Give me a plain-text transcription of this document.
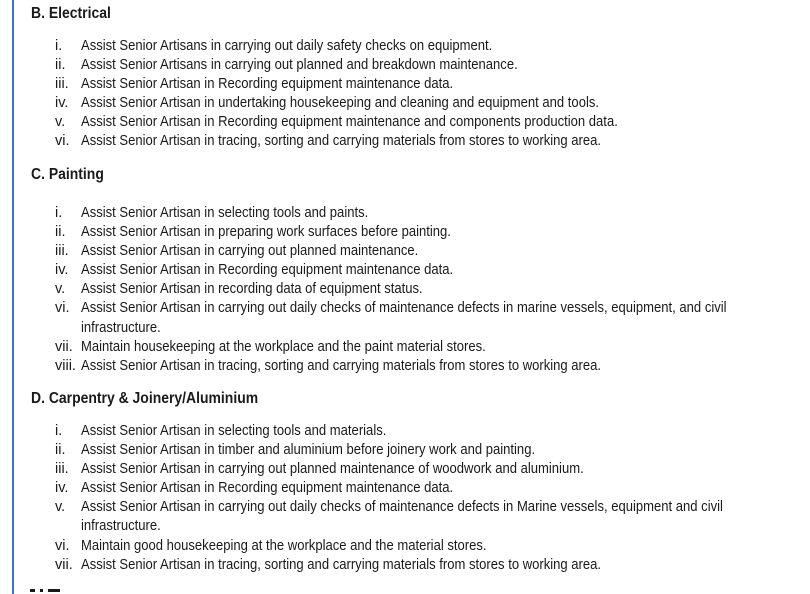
B. Electrical
i.	Assist Senior Artisans in carrying out daily safety checks on equipment.
ii.	Assist Senior Artisans in carrying out planned and breakdown maintenance.
iii. Assist Senior Artisan in Recording equipment maintenance data.
iv. Assist Senior Artisan in undertaking housekeeping and cleaning and equipment and tools.
v.	Assist Senior Artisan in Recording equipment maintenance and components production data.
vi. Assist Senior Artisan in tracing, sorting and carrying materials from stores to working area.
C. Painting
i.	Assist Senior Artisan in selecting tools and paints.
ii.	Assist Senior Artisan in preparing work surfaces before painting.
iii. Assist Senior Artisan in carrying out planned maintenance.
iv. Assist Senior Artisan in Recording equipment maintenance data.
v.	Assist Senior Artisan in recording data of equipment status.
vi. Assist Senior Artisan in carrying out daily checks of maintenance defects in marine vessels, equipment, and civil infrastructure.
vii. Maintain housekeeping at the workplace and the paint material stores.
viii. Assist Senior Artisan in tracing, sorting and carrying materials from stores to working area.
D. Carpentry & Joinery/Aluminium
i.	Assist Senior Artisan in selecting tools and materials.
ii.	Assist Senior Artisan in timber and aluminium before joinery work and painting.
iii. Assist Senior Artisan in carrying out planned maintenance of woodwork and aluminium.
iv. Assist Senior Artisan in Recording equipment maintenance data.
v.	Assist Senior Artisan in carrying out daily checks of maintenance defects in Marine vessels, equipment and civil infrastructure.
vi. Maintain good housekeeping at the workplace and the material stores.
vii. Assist Senior Artisan in tracing, sorting and carrying materials from stores to working area.
